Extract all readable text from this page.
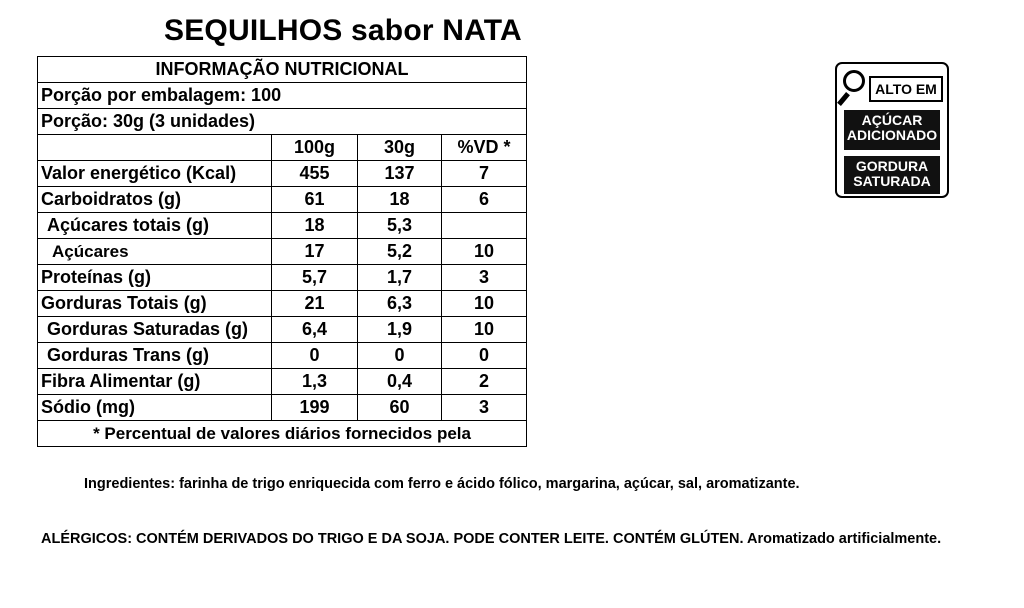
SEQUILHOS sabor NATA
INFORMAÇÃO NUTRICIONAL			
Porção por embalagem: 100			
Porção: 30g (3 unidades)			
	100g	30g	%VD *
Valor energético (Kcal)	455	137	7
Carboidratos (g)	61	18	6
Açúcares totais (g)	18	5,3	
Açúcares	17	5,2	10
Proteínas (g)	5,7	1,7	3
Gorduras Totais (g)	21	6,3	10
Gorduras Saturadas (g)	6,4	1,9	10
Gorduras Trans (g)	0	0	0
Fibra Alimentar (g)	1,3	0,4	2
Sódio (mg)	199	60	3
* Percentual de valores diários fornecidos pela			
ALTO EM
AÇÚCAR
ADICIONADO
GORDURA
SATURADA
Ingredientes: farinha de trigo enriquecida com ferro e ácido fólico, margarina, açúcar, sal, aromatizante.
ALÉRGICOS: CONTÉM DERIVADOS DO TRIGO E DA SOJA. PODE CONTER LEITE. CONTÉM GLÚTEN. Aromatizado artificialmente.
